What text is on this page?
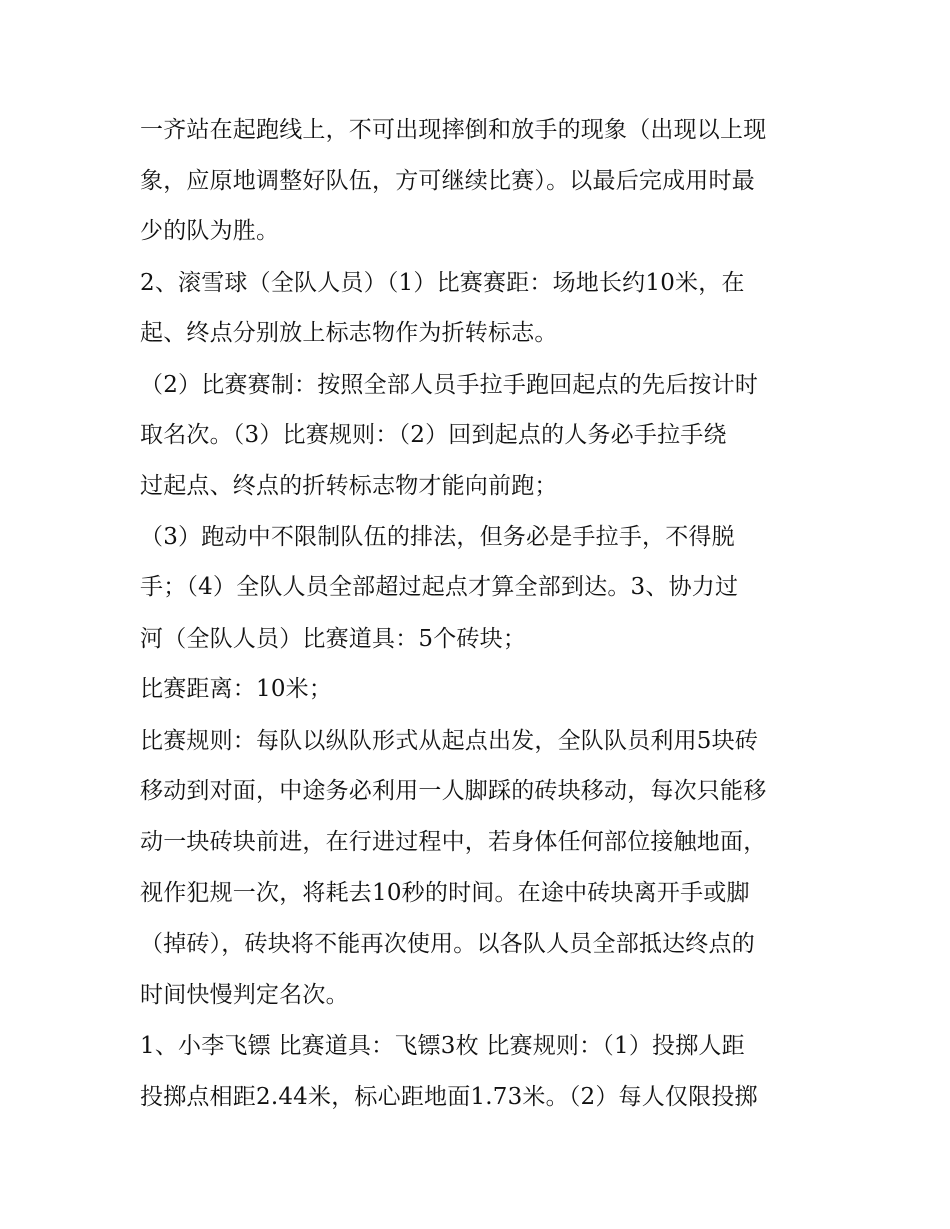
一齐站在起跑线上，不可出现摔倒和放手的现象（出现以上现
象，应原地调整好队伍，方可继续比赛）。以最后完成用时最
少的队为胜。
2、滚雪球（全队人员）（1）比赛赛距：场地长约10米，在
起、终点分别放上标志物作为折转标志。
（2）比赛赛制：按照全部人员手拉手跑回起点的先后按计时
取名次。（3）比赛规则：（2）回到起点的人务必手拉手绕
过起点、终点的折转标志物才能向前跑；
（3）跑动中不限制队伍的排法，但务必是手拉手，不得脱
手；（4）全队人员全部超过起点才算全部到达。3、协力过
河（全队人员）比赛道具：5个砖块；
比赛距离：10米；
比赛规则：每队以纵队形式从起点出发，全队队员利用5块砖
移动到对面，中途务必利用一人脚踩的砖块移动，每次只能移
动一块砖块前进，在行进过程中，若身体任何部位接触地面，
视作犯规一次，将耗去10秒的时间。在途中砖块离开手或脚
（掉砖），砖块将不能再次使用。以各队人员全部抵达终点的
时间快慢判定名次。
1、小李飞镖 比赛道具：飞镖3枚 比赛规则：（1）投掷人距
投掷点相距2.44米，标心距地面1.73米。（2）每人仅限投掷
